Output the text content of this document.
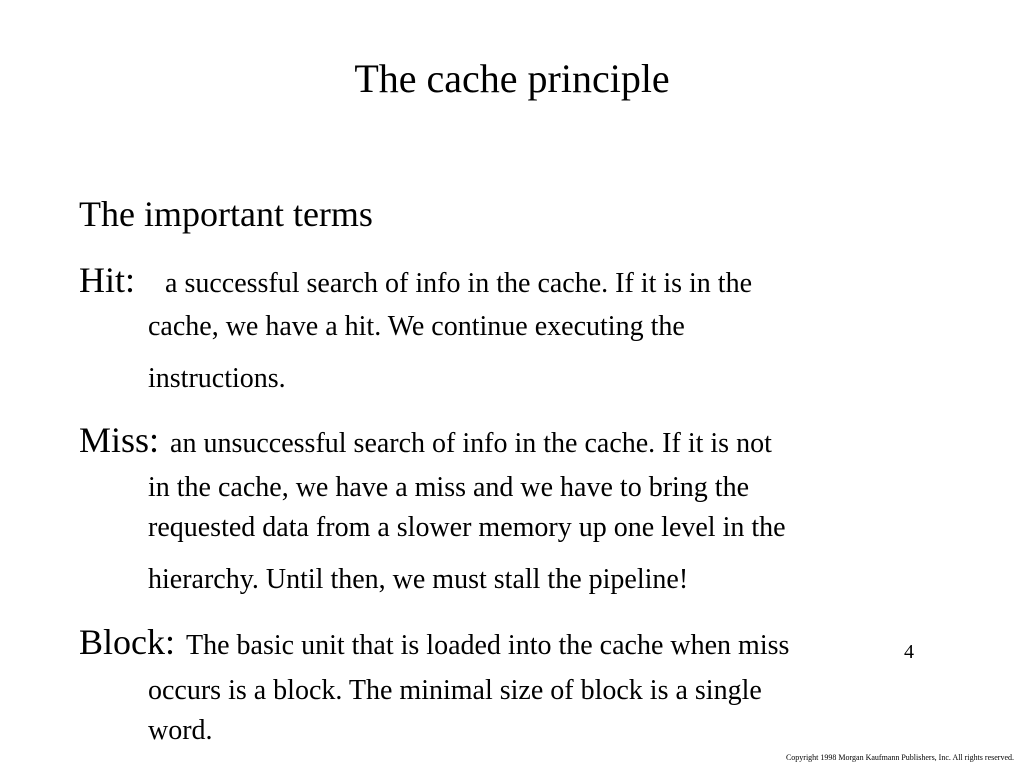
The cache principle
The important terms
Hit: a successful search of info in the cache. If it is in the
cache, we have a hit. We continue executing the
instructions.
Miss: an unsuccessful search of info in the cache. If it is not
in the cache, we have a miss and we have to bring the
requested data from a slower memory up one level in the
hierarchy. Until then, we must stall the pipeline!
Block: The basic unit that is loaded into the cache when miss
occurs is a block. The minimal size of block is a single
word.
4
Copyright 1998 Morgan Kaufmann Publishers, Inc. All rights reserved.
